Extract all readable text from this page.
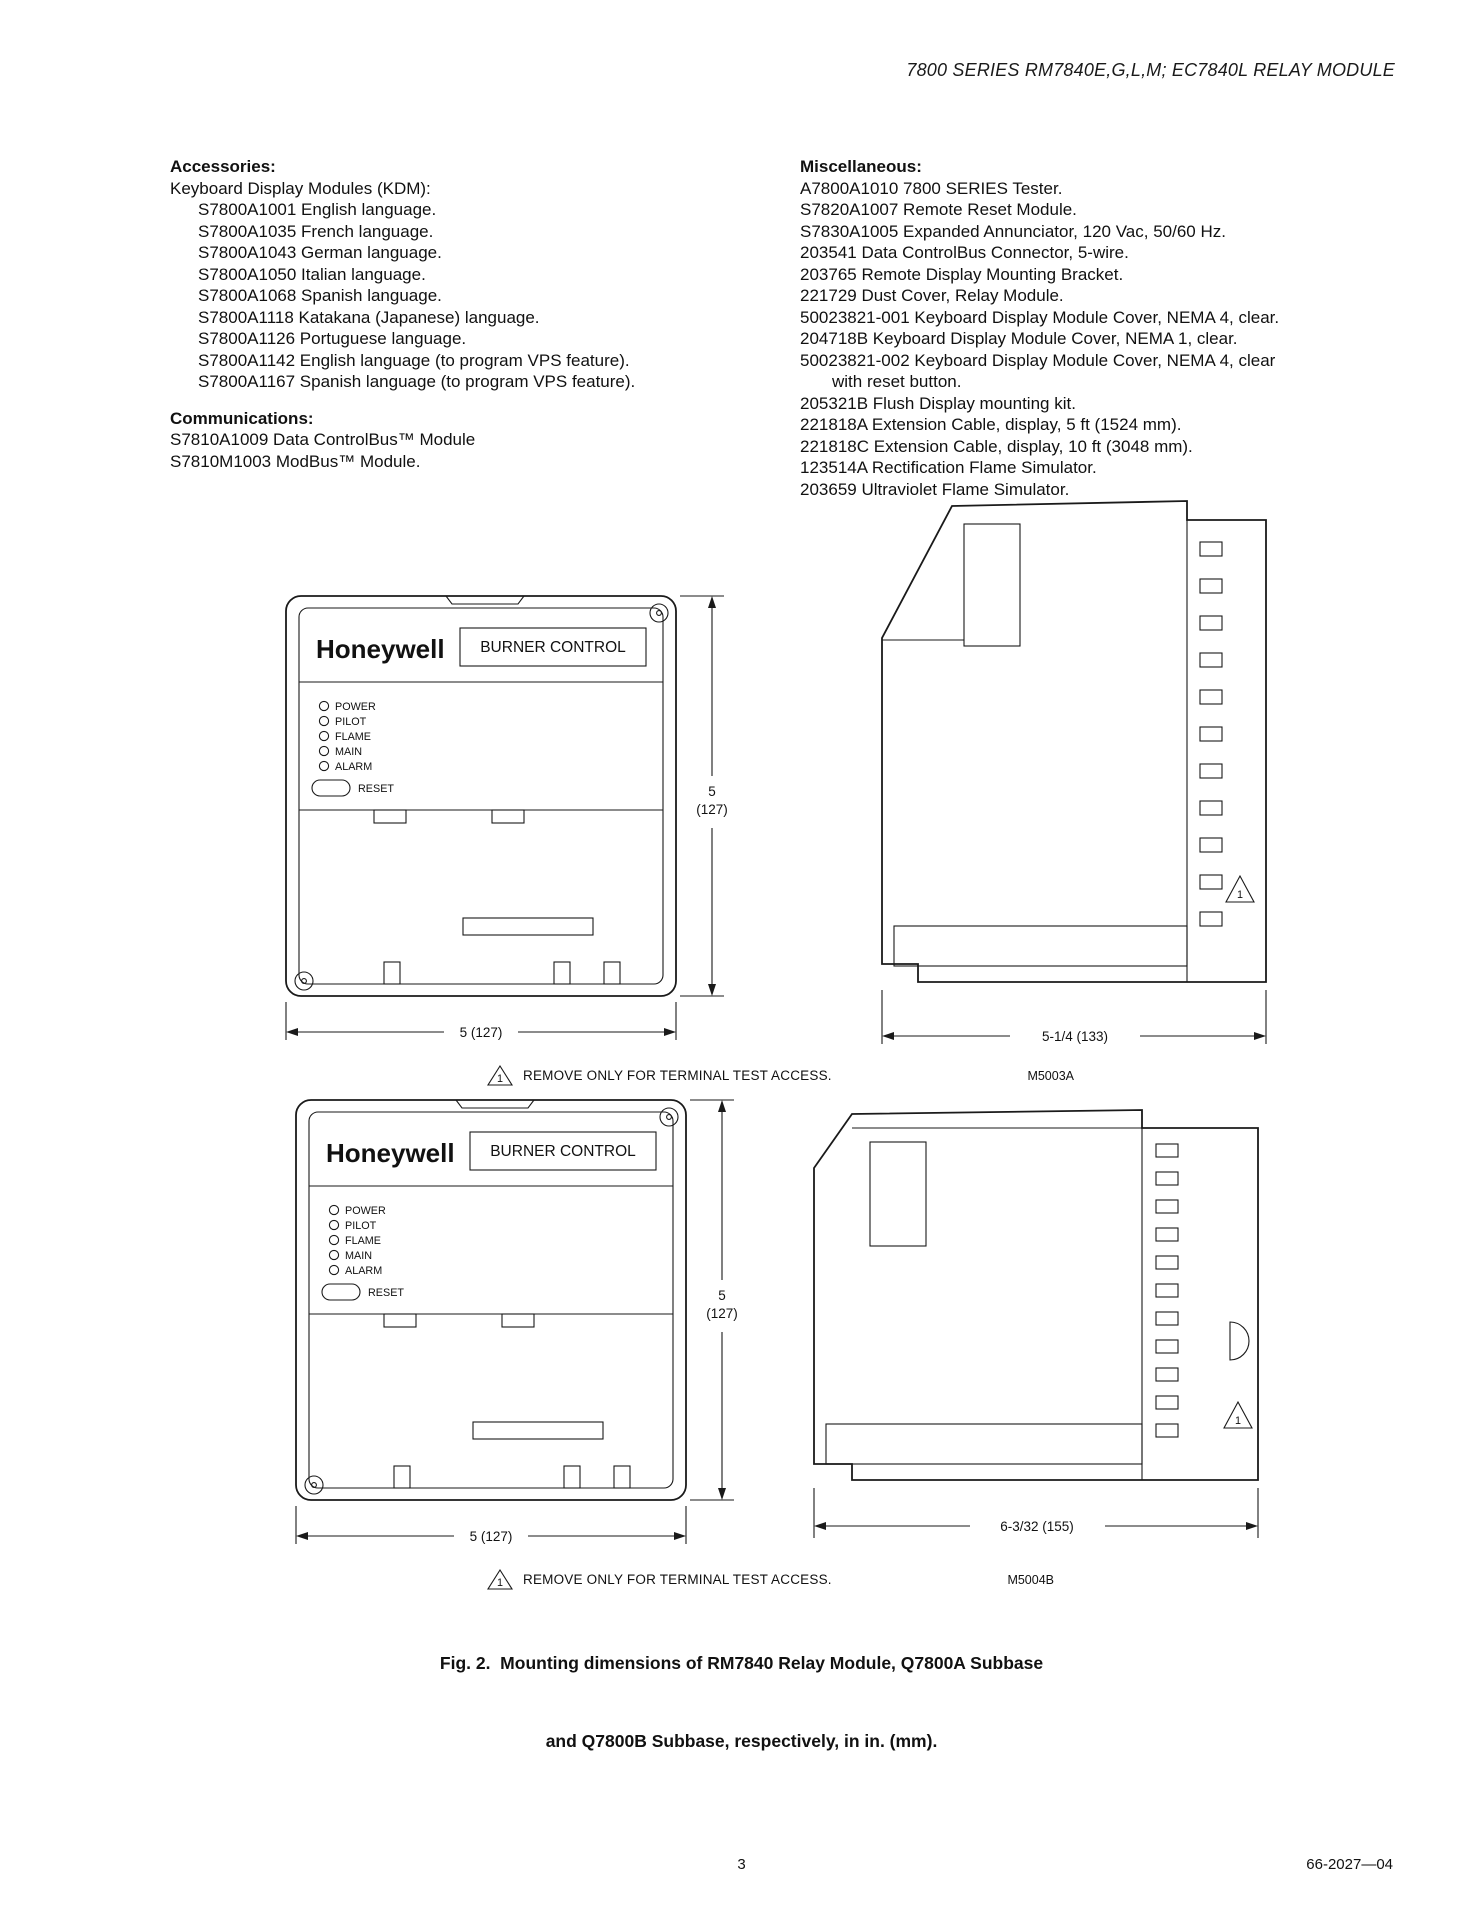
7800 SERIES RM7840E,G,L,M; EC7840L RELAY MODULE
Accessories:
Keyboard Display Modules (KDM):
S7800A1001 English language.
S7800A1035 French language.
S7800A1043 German language.
S7800A1050 Italian language.
S7800A1068 Spanish language.
S7800A1118 Katakana (Japanese) language.
S7800A1126 Portuguese language.
S7800A1142 English language (to program VPS feature).
S7800A1167 Spanish language (to program VPS feature).
Communications:
S7810A1009 Data ControlBus™ Module
S7810M1003 ModBus™ Module.
Miscellaneous:
A7800A1010 7800 SERIES Tester.
S7820A1007 Remote Reset Module.
S7830A1005 Expanded Annunciator, 120 Vac, 50/60 Hz.
203541 Data ControlBus Connector, 5-wire.
203765 Remote Display Mounting Bracket.
221729 Dust Cover, Relay Module.
50023821-001 Keyboard Display Module Cover, NEMA 4, clear.
204718B Keyboard Display Module Cover, NEMA 1, clear.
50023821-002 Keyboard Display Module Cover, NEMA 4, clear with reset button.
205321B Flush Display mounting kit.
221818A Extension Cable, display, 5 ft (1524 mm).
221818C Extension Cable, display, 10 ft (3048 mm).
123514A Rectification Flame Simulator.
203659 Ultraviolet Flame Simulator.
Honeywell BURNER CONTROL
POWER
PILOT
FLAME
MAIN
ALARM
RESET	5
(127)
5 (127)
1
5-1/4 (133)
1 REMOVE ONLY FOR TERMINAL TEST ACCESS.	M5003A
Honeywell BURNER CONTROL
POWER
PILOT
FLAME
MAIN
ALARM
RESET	5
(127)
5 (127)
1
6-3/32 (155)
1 REMOVE ONLY FOR TERMINAL TEST ACCESS.	M5004B

Fig. 2.  Mounting dimensions of RM7840 Relay Module, Q7800A Subbase

and Q7800B Subbase, respectively, in in. (mm).

3	66-2027—04
